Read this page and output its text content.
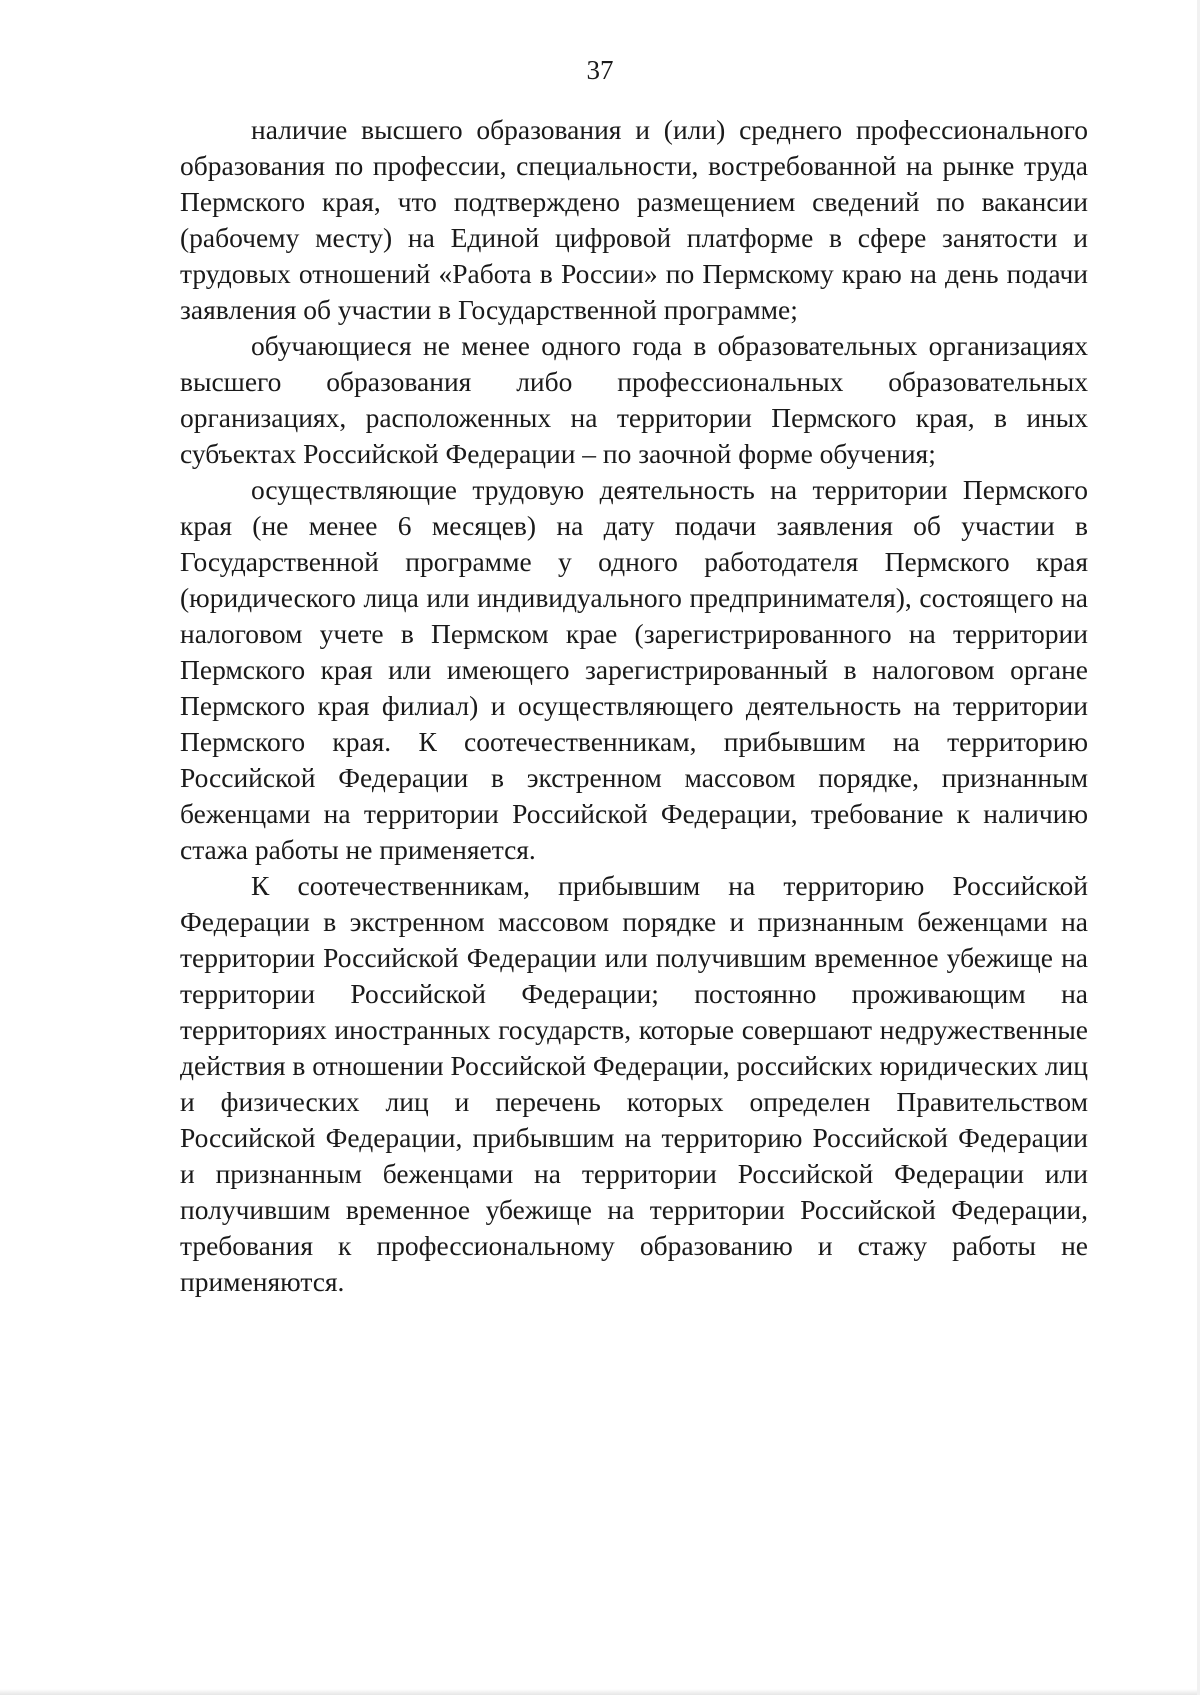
37

наличие высшего образования и (или) среднего профессионального образования по профессии, специальности, востребованной на рынке труда Пермского края, что подтверждено размещением сведений по вакансии (рабочему месту) на Единой цифровой платформе в сфере занятости и трудовых отношений «Работа в России» по Пермскому краю на день подачи заявления об участии в Государственной программе;

обучающиеся не менее одного года в образовательных организациях высшего образования либо профессиональных образовательных организациях, расположенных на территории Пермского края, в иных субъектах Российской Федерации – по заочной форме обучения;

осуществляющие трудовую деятельность на территории Пермского края (не менее 6 месяцев) на дату подачи заявления об участии в Государственной программе у одного работодателя Пермского края (юридического лица или индивидуального предпринимателя), состоящего на налоговом учете в Пермском крае (зарегистрированного на территории Пермского края или имеющего зарегистрированный в налоговом органе Пермского края филиал) и осуществляющего деятельность на территории Пермского края. К соотечественникам, прибывшим на территорию Российской Федерации в экстренном массовом порядке, признанным беженцами на территории Российской Федерации, требование к наличию стажа работы не применяется.

К соотечественникам, прибывшим на территорию Российской Федерации в экстренном массовом порядке и признанным беженцами на территории Российской Федерации или получившим временное убежище на территории Российской Федерации; постоянно проживающим на территориях иностранных государств, которые совершают недружественные действия в отношении Российской Федерации, российских юридических лиц и физических лиц и перечень которых определен Правительством Российской Федерации, прибывшим на территорию Российской Федерации и признанным беженцами на территории Российской Федерации или получившим временное убежище на территории Российской Федерации, требования к профессиональному образованию и стажу работы не применяются.
